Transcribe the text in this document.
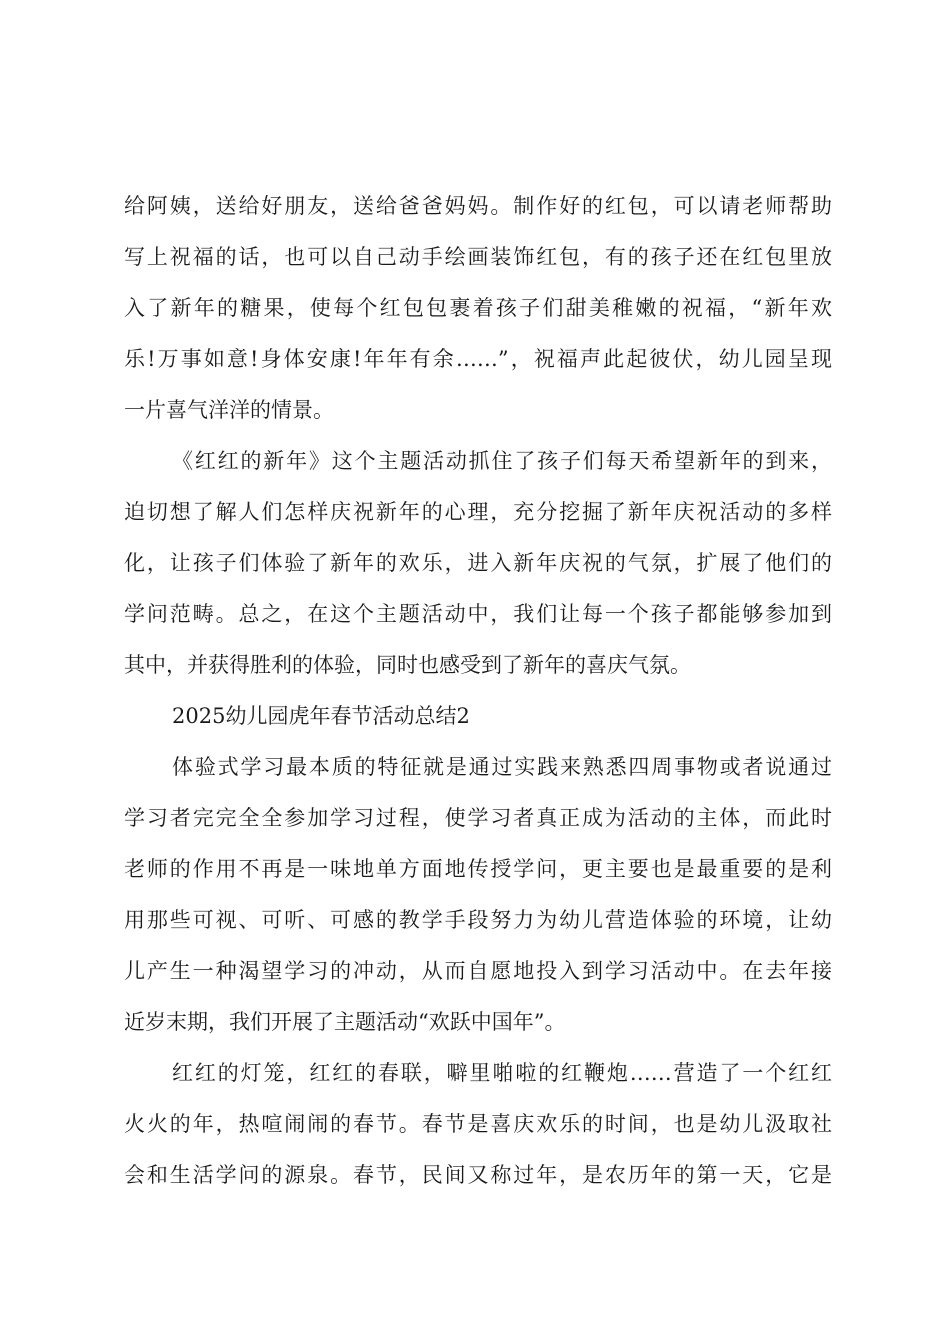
给阿姨，送给好朋友，送给爸爸妈妈。制作好的红包，可以请老师帮助

写上祝福的话，也可以自己动手绘画装饰红包，有的孩子还在红包里放

入了新年的糖果，使每个红包包裹着孩子们甜美稚嫩的祝福，“新年欢

乐!万事如意!身体安康!年年有余……”，祝福声此起彼伏，幼儿园呈现

一片喜气洋洋的情景。

《红红的新年》这个主题活动抓住了孩子们每天希望新年的到来，

迫切想了解人们怎样庆祝新年的心理，充分挖掘了新年庆祝活动的多样

化，让孩子们体验了新年的欢乐，进入新年庆祝的气氛，扩展了他们的

学问范畴。总之，在这个主题活动中，我们让每一个孩子都能够参加到

其中，并获得胜利的体验，同时也感受到了新年的喜庆气氛。

2025幼儿园虎年春节活动总结2

体验式学习最本质的特征就是通过实践来熟悉四周事物或者说通过

学习者完完全全参加学习过程，使学习者真正成为活动的主体，而此时

老师的作用不再是一味地单方面地传授学问，更主要也是最重要的是利

用那些可视、可听、可感的教学手段努力为幼儿营造体验的环境，让幼

儿产生一种渴望学习的冲动，从而自愿地投入到学习活动中。在去年接

近岁末期，我们开展了主题活动“欢跃中国年”。

红红的灯笼，红红的春联，噼里啪啦的红鞭炮……营造了一个红红

火火的年，热喧闹闹的春节。春节是喜庆欢乐的时间，也是幼儿汲取社

会和生活学问的源泉。春节，民间又称过年，是农历年的第一天，它是
